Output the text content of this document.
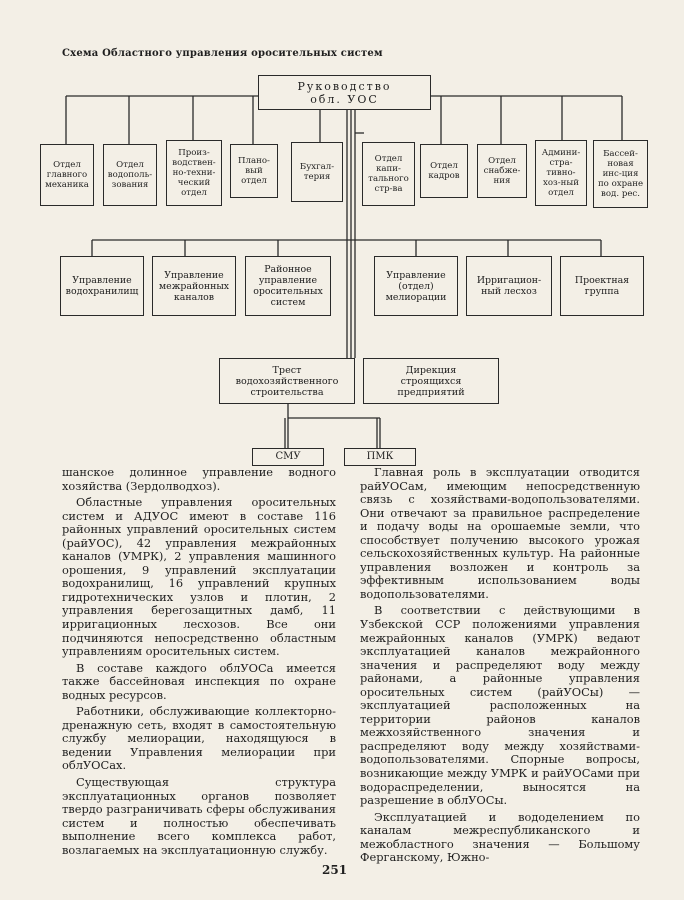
Схема Областного управления оросительных систем
Руководство
обл. УОС
Отдел
главного
механика
Отдел
водополь-
зования
Произ-
водствен-
но-техни-
ческий
отдел
Плано-
вый
отдел
Бухгал-
терия
Отдел
капи-
тального
стр-ва
Отдел
кадров
Отдел
снабже-
ния
Админи-
стра-
тивно-
хоз-ный
отдел
Бассей-
новая
инс-ция
по охране
вод. рес.
Управление
водохранилищ
Управление
межрайонных
каналов
Районное
управление
оросительных
систем
Управление
(отдел)
мелиорации
Ирригацион-
ный лесхоз
Проектная
группа
Трест
водохозяйственного
строительства
Дирекция
строящихся
предприятий
СМУ	ПМК

шанское долинное управление водного хозяйства (Зердолводхоз).

Областные управления оросительных систем и АДУОС имеют в составе 116 районных управлений оросительных систем (райУОС), 42 управления межрайонных каналов (УМРК), 2 управления машинного орошения, 9 управлений эксплуатации водохранилищ, 16 управлений крупных гидротехнических узлов и плотин, 2 управления берегозащитных дамб, 11 ирригационных лесхозов. Все они подчиняются непосредственно областным управлениям оросительных систем.

В составе каждого облУОСа имеется также бассейновая инспекция по охране водных ресурсов.

Работники, обслуживающие коллекторно-дренажную сеть, входят в самостоятельную службу мелиорации, находящуюся в ведении Управления мелиорации при облУОСах.

Существующая структура эксплуатационных органов позволяет твердо разграничивать сферы обслуживания систем и полностью обеспечивать выполнение всего комплекса работ, возлагаемых на эксплуатационную службу.

Главная роль в эксплуатации отводится райУОСам, имеющим непосредственную связь с хозяйствами-водопользователями. Они отвечают за правильное распределение и подачу воды на орошаемые земли, что способствует получению высокого урожая сельскохозяйственных культур. На районные управления возложен и контроль за эффективным использованием воды водопользователями.

В соответствии с действующими в Узбекской ССР положениями управления межрайонных каналов (УМРК) ведают эксплуатацией каналов межрайонного значения и распределяют воду между районами, а районные управления оросительных систем (райУОСы) — эксплуатацией расположенных на территории районов каналов межхозяйственного значения и распределяют воду между хозяйствами-водопользователями. Спорные вопросы, возникающие между УМРК и райУОСами при водораспределении, выносятся на разрешение в облУОСы.

Эксплуатацией и вододелением по каналам межреспубликанского и межобластного значения — Большому Ферганскому, Южно-

251
